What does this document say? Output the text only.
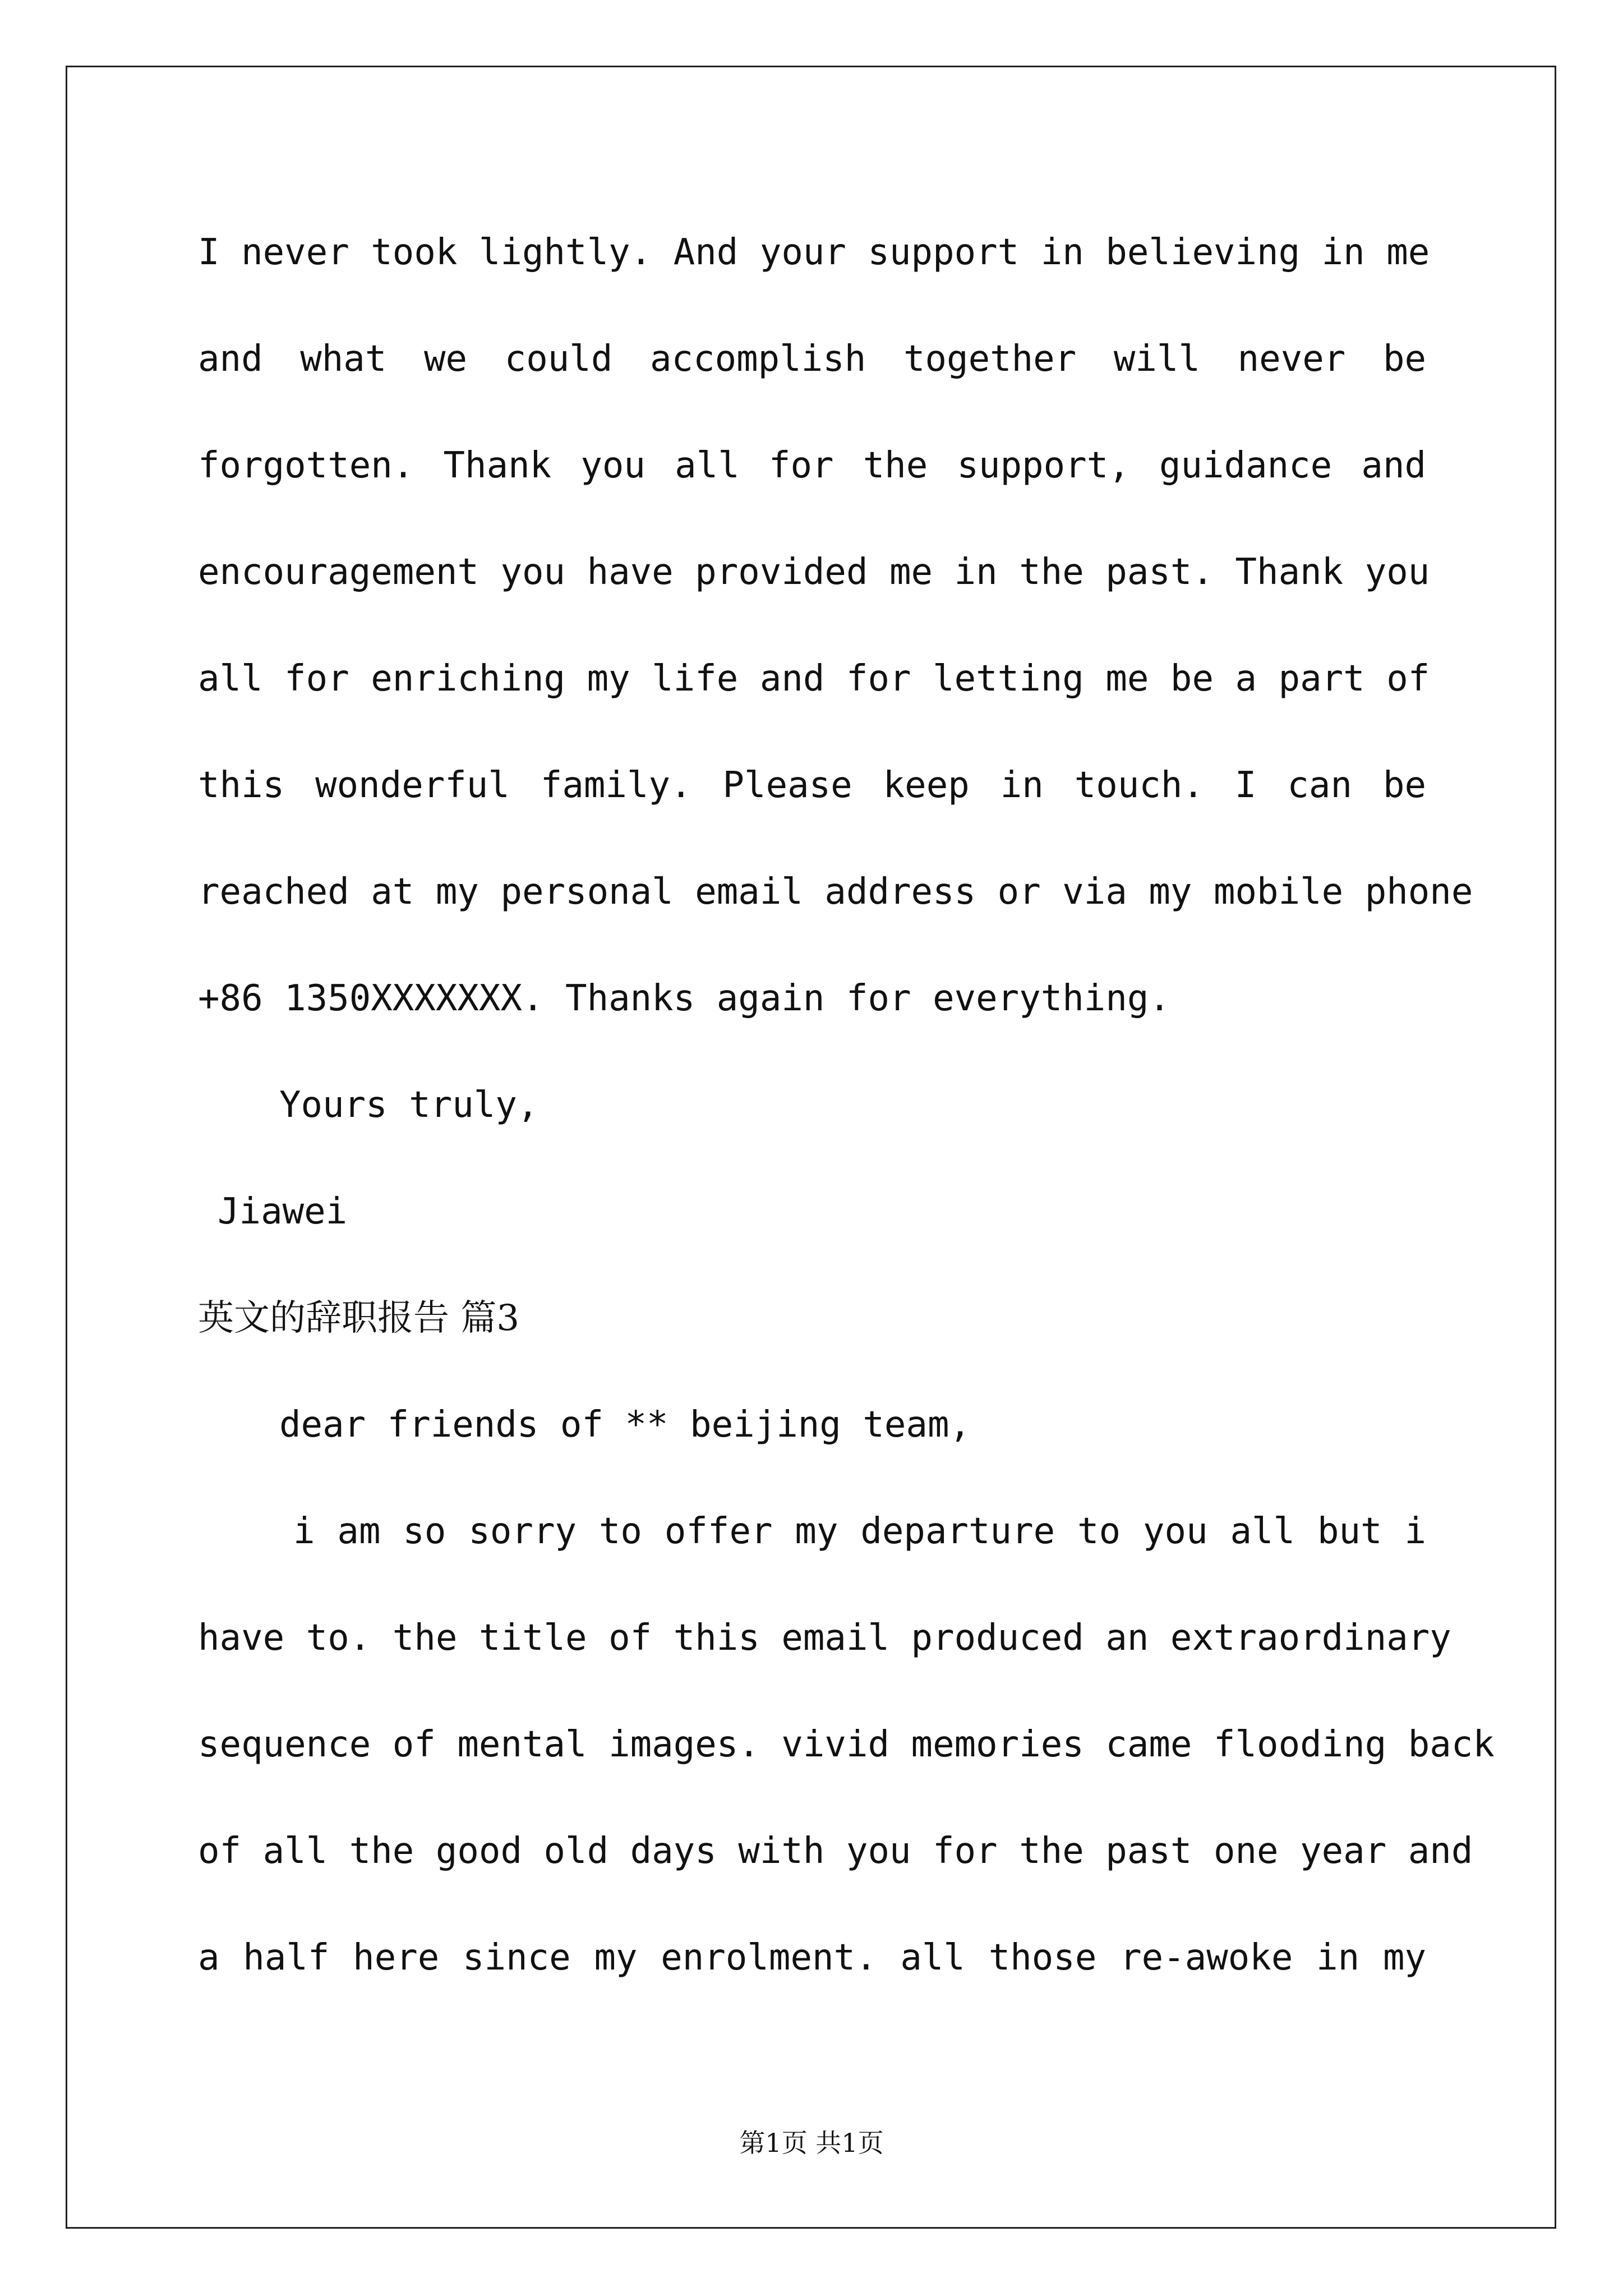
I never took lightly. And your support in believing in me
and what we could accomplish together will never be
forgotten. Thank you all for the support, guidance and
encouragement you have provided me in the past. Thank you
all for enriching my life and for letting me be a part of
this wonderful family. Please keep in touch. I can be
reached at my personal email address or via my mobile phone
+86 1350XXXXXXX. Thanks again for everything.
Yours truly,
Jiawei
英文的辞职报告 篇3
dear friends of ** beijing team,
i am so sorry to offer my departure to you all but i
have to. the title of this email produced an extraordinary
sequence of mental images. vivid memories came flooding back
of all the good old days with you for the past one year and
a half here since my enrolment. all those re-awoke in my
第1页 共1页
